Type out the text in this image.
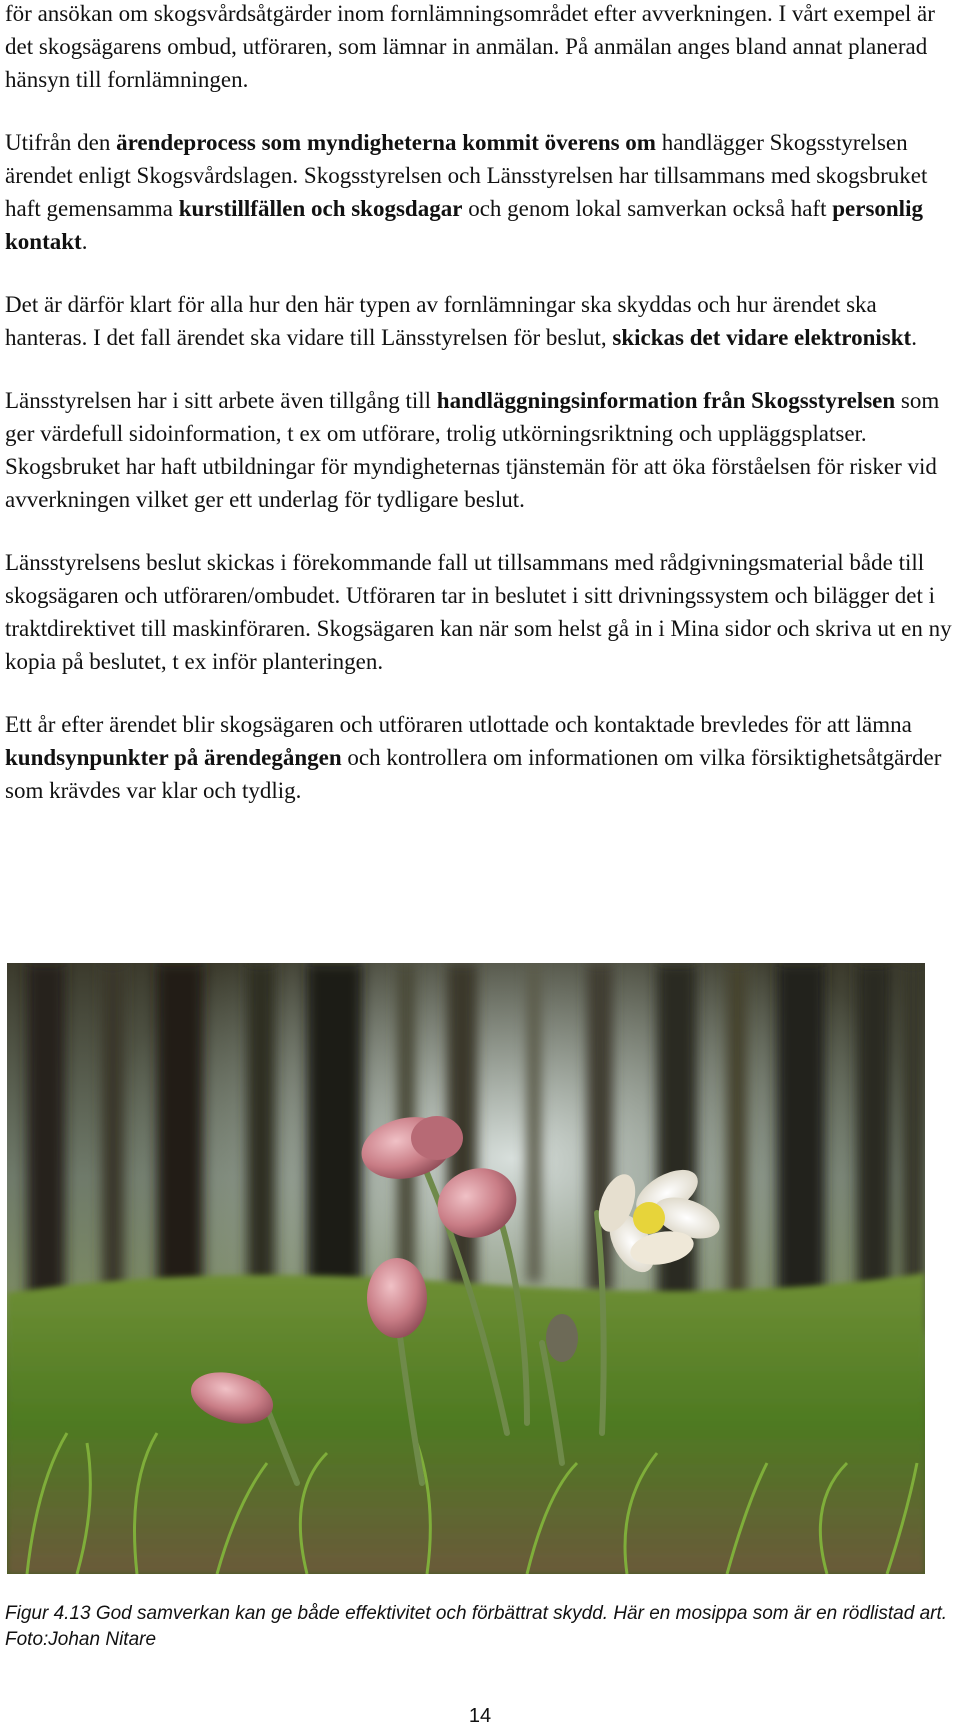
för ansökan om skogsvårdsåtgärder inom fornlämningsområdet efter avverkningen. I vårt exempel är det skogsägarens ombud, utföraren, som lämnar in anmälan. På anmälan anges bland annat planerad hänsyn till fornlämningen.

Utifrån den ärendeprocess som myndigheterna kommit överens om handlägger Skogsstyrelsen ärendet enligt Skogsvårdslagen. Skogsstyrelsen och Länsstyrelsen har tillsammans med skogsbruket haft gemensamma kurstillfällen och skogsdagar och genom lokal samverkan också haft personlig kontakt.

Det är därför klart för alla hur den här typen av fornlämningar ska skyddas och hur ärendet ska hanteras. I det fall ärendet ska vidare till Länsstyrelsen för beslut, skickas det vidare elektroniskt.

Länsstyrelsen har i sitt arbete även tillgång till handläggningsinformation från Skogsstyrelsen som ger värdefull sidoinformation, t ex om utförare, trolig utkörningsriktning och uppläggsplatser. Skogsbruket har haft utbildningar för myndigheternas tjänstemän för att öka förståelsen för risker vid avverkningen vilket ger ett underlag för tydligare beslut.

Länsstyrelsens beslut skickas i förekommande fall ut tillsammans med rådgivningsmaterial både till skogsägaren och utföraren/ombudet. Utföraren tar in beslutet i sitt drivningssystem och bilägger det i traktdirektivet till maskinföraren. Skogsägaren kan när som helst gå in i Mina sidor och skriva ut en ny kopia på beslutet, t ex inför planteringen.

Ett år efter ärendet blir skogsägaren och utföraren utlottade och kontaktade brevledes för att lämna kundsynpunkter på ärendegången och kontrollera om informationen om vilka försiktighetsåtgärder som krävdes var klar och tydlig.

Figur 4.13 God samverkan kan ge både effektivitet och förbättrat skydd. Här en mosippa som är en rödlistad art. Foto:Johan Nitare
14
